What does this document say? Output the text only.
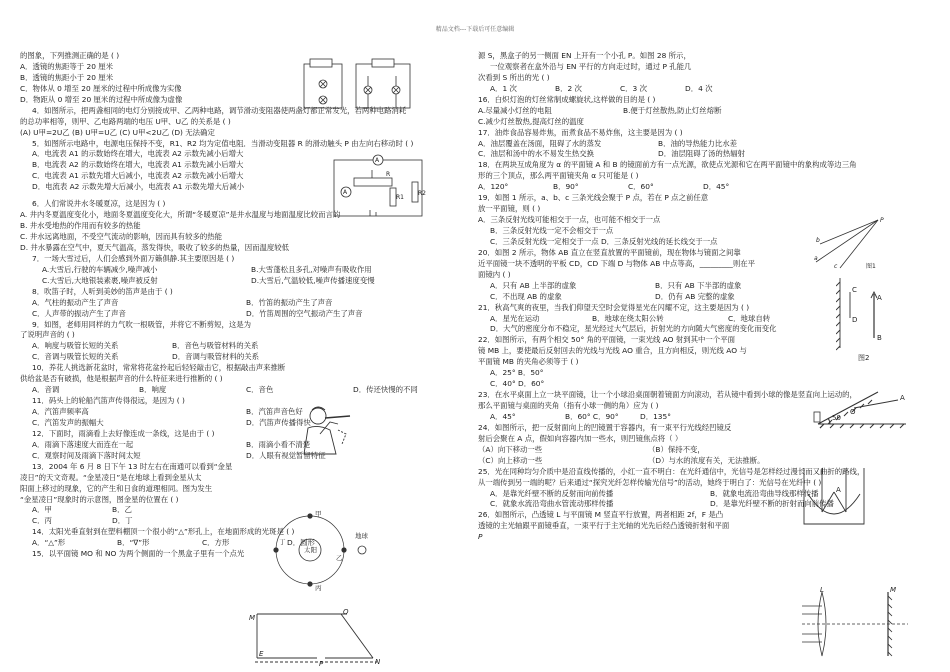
精品文档---下载后可任意编辑
的图象，下列推测正确的是 ( )
A．透镜的焦距等于 20 厘米
B．透镜的焦距小于 20 厘米
C．物体从 0 增至 20 厘米的过程中所成像为实像
D．物距从 0 增至 20 厘米的过程中所成像为虚像
4．如图所示，把两盏相同的电灯分别接成甲、乙两种电路，调节滑动变阻器使两盏灯都正常发光，若两种电路消耗
的总功率相等，则甲、乙电路两端的电压 U甲、U乙 的关系是 ( )
(A) U甲=2U乙 (B) U甲=U乙 (C) U甲<2U乙 (D) 无法确定
5．如图所示电路中，电源电压保持不变，R1、R2 均为定值电阻．当滑动变阻器 R 的滑动触头 P 由左向右移动时 ( )
A．电流表 A1 的示数始终在增大，电流表 A2 示数先减小后增大
B．电流表 A2 的示数始终在增大，电流表 A1 示数先减小后增大
C．电流表 A1 示数先增大后减小，电流表 A2 示数先减小后增大
D．电流表 A2 示数先增大后减小，电流表 A1 示数先增大后减小
6．人们常说井水冬暖夏凉，这是因为 ( )
A. 井内冬夏温度变化小，地面冬夏温度变化大，所谓“冬暖夏凉”是井水温度与地面温度比较而言的
B. 井水受地热的作用而有较多的热能
C. 井水远离地面，不受空气流动的影响，因而具有较多的热能
D. 井水暴露在空气中，夏天气温高，蒸发得快，吸收了较多的热量，因而温度较低
7．一场大雪过后，人们会感到外面万籁俱静.其主要原因是 ( )
A.大雪后,行驶的车辆减少,噪声减小	B.大雪蓬松且多孔,对噪声有吸收作用
C.大雪后,大地银装素裹,噪声被反射	D.大雪后,气温较低,噪声传播速度变慢
8．吹笛子时，人听到美妙的笛声是由于 ( )
A．气柱的振动产生了声音	B．竹笛的振动产生了声音
C．人声带的振动产生了声音	D．竹笛周围的空气振动产生了声音
9．如图，老师用同样的力气吹一根吸管，并将它不断剪短，这是为
了说明声音的 ( )
A．响度与吸管长短的关系	B．音色与吸管材料的关系
C．音调与吸管长短的关系	D．音调与吸管材料的关系
10．养花人挑选新花盆时，常常将花盆拎起后轻轻敲击它，根据敲击声来推断
供给盆是否有破损，他是根据声音的什么特征来进行推断的 ( )
A．音调	B．响度	C．音色	D．传还快慢的不同
11．码头上的轮船汽笛声传得很远，是因为 ( )
A．汽笛声频率高	B．汽笛声音色好
C．汽笛发声的振幅大	D．汽笛声传播得快
12．下面时，雨滴看上去好像连成一条线，这是由于 ( )
A．雨滴下落速度大而连在一起	B．雨滴小看不清楚
C．观察时间及雨滴下落时间太短	D．人眼有视觉暂留特征
13．2004 年 6 月 8 日下午 13 时左右在南通可以看到“金星
凌日”的天文奇观。“金星凌日”是在地球上看到金星从太
阳面上移过的现象，它的产生和日食的道理相同。图为发生
“金星凌日”现象时的示意图，图金星的位置在 ( )
A．甲	B．乙
C．丙	D．丁
14．太阳光垂直射到在塑料棚顶一个很小的“△”形孔上，在地面形成的光斑是 ( )
A．“△”形	B．“∇”形	C．方形	D．圆形
15．以平面镜 MO 和 NO 为两个侧面的一个黑盒子里有一个点光
A
A
R
R1
R2
太阳
地球
甲
乙
丙
丁
M
O
N
E
P
源 S，黑盒子的另一侧面 EN 上开有一个小孔 P。如图 28 所示，
一位观察者在盒外沿与 EN 平行的方向走过时，通过 P 孔能几
次看到 S 所出的光 ( )
A．1 次	B．2 次	C．3 次	D．4 次
16．白炽灯泡的灯丝常制成螺旋状,这样做的目的是 ( )
A.尽量减小灯丝的电阻	B.便于灯丝散热,防止灯丝熔断
C.减少灯丝散热,提高灯丝的温度
17．油炸食品容易炸焦，而煮食品不易炸焦，这主要是因为 ( )
A．油层覆盖在汤面，阻碍了水的蒸发	B．油的导热能力比水差
C．油层和汤中的水不易发生热交换	D．油层阻碍了汤的热辐射
18．在两块互成角度为 α 的平面镜 A 和 B 的镜面前方有一点光源，欲使点光源和它在两平面镜中的象构成等边三角
形的三个顶点，那么两平面镜夹角 α 只可能是 ( )
A．120°	B．90°	C．60°	D．45°
19．如图 1 所示，a、b、c 三条光线会聚于 P 点，若在 P 点之前任意
放一平面镜，则 ( )
A．三条反射光线可能相交于一点，也可能不相交于一点
B．三条反射光线一定不会相交于一点
C．三条反射光线一定相交于一点 D．三条反射光线的延长线交于一点
20．如图 2 所示，物体 AB 直立在竖直放置的平面镜前，现在物体与镜面之间靠
近平面镜一块不透明的平板 CD，CD 下端 D 与物体 AB 中点等高，_________则在平
面镜内 ( )
A．只有 AB 上半部的虚象	B．只有 AB 下半部的虚象
C．不出现 AB 的虚象	D．仍有 AB 完整的虚象
21．秋高气爽的夜里，当我们仰望天空时会觉得星光在闪耀不定，这主要是因为 ( )
A．星光在运动	B．地球在绕太阳公转	C．地球自转
D．大气的密度分布不稳定，星光经过大气层后，折射光的方向随大气密度的变化而变化
22．如图所示，有两个相交 50° 角的平面镜，一束光线 AO 射到其中一个平面
镜 MB 上，要使最后反射回去的光线与光线 AO 重合，且方向相反，则光线 AO 与
平面镜 MB 的夹角必须等于 ( )
A．25° B．50°
C．40° D．60°
23．在水平桌面上立一块平面镜，让一个小球沿桌面朝着镜面方向滚动，若从镜中看到小球的像是竖直向上运动的，
那么平面镜与桌面的夹角（指有小球一侧的角）应为 ( )
A．45°	B．60° C．90°	D．135°
24．如图所示，把一反射面向上的凹镜置于容器内，有一束平行光线经凹镜反
射后会聚在 A 点，假如向容器内加一些水，则凹镜焦点将（ ）
（A）向下移动一些	（B）保持不变，
（C）向上移动一些	（D）与水的浓度有关，无法推断。
25．光在同种均匀介质中是沿直线传播的，小红一直不明白：在光纤通信中，光信号是怎样经过漫长而又曲折的路线，
从一端传到另一端的呢？后来通过“探究光纤怎样传输光信号”的活动，她终于明白了：光信号在光纤中 ( )
A．是靠光纤壁不断的反射而向前传播	B．就象电流沿弯曲导线那样传播
C．就象水流沿弯曲水管流动那样传播	D．是靠光纤壁不断的折射而向前传播
26．如图所示，凸透镜 L 与平面镜 M 竖直平行放置，两者相距 2f，F 是凸
透镜的主光轴跟平面镜垂直，一束平行于主光轴的光先后经凸透镜折射和平面
P
P
a
b
c	图1
C
D
A
B
图2
A
O
50
A
L	M
